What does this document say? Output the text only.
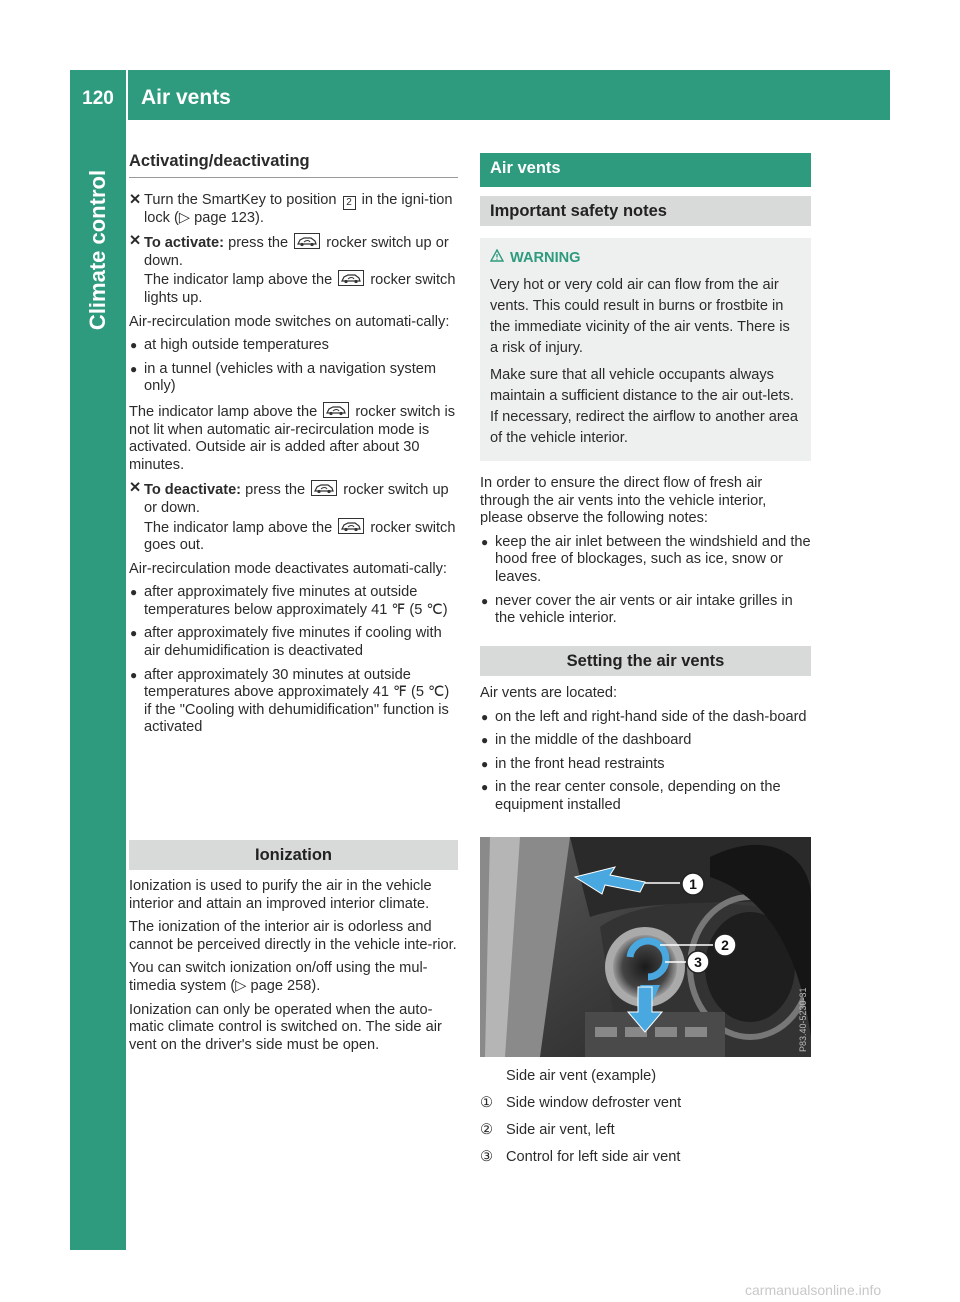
120	Air vents
Climate control
Activating/deactivating
✕ Turn the SmartKey to position 2 in the igni-tion lock (▷ page 123).
✕ To activate: press the
rocker switch up or down.
The indicator lamp above the
rocker switch lights up.

Air-recirculation mode switches on automati-cally:

● at high outside temperatures
● in a tunnel (vehicles with a navigation system only)

The indicator lamp above the
rocker switch is not lit when automatic air-recirculation mode is activated. Outside air is added after about 30 minutes.

✕ To deactivate: press the
rocker switch up or down.
The indicator lamp above the
rocker switch goes out.

Air-recirculation mode deactivates automati-cally:

● after approximately five minutes at outside temperatures below approximately 41 ℉ (5 ℃)
● after approximately five minutes if cooling with air dehumidification is deactivated
● after approximately 30 minutes at outside temperatures above approximately 41 ℉ (5 ℃) if the "Cooling with dehumidification" function is activated
Ionization

Ionization is used to purify the air in the vehicle interior and attain an improved interior climate.

The ionization of the interior air is odorless and cannot be perceived directly in the vehicle inte-rior.

You can switch ionization on/off using the mul-timedia system (▷ page 258).

Ionization can only be operated when the auto-matic climate control is switched on. The side air vent on the driver's side must be open.

Air vents
Important safety notes
WARNING

Very hot or very cold air can flow from the air vents. This could result in burns or frostbite in the immediate vicinity of the air vents. There is a risk of injury.

Make sure that all vehicle occupants always maintain a sufficient distance to the air out-lets. If necessary, redirect the airflow to another area of the vehicle interior.

In order to ensure the direct flow of fresh air through the air vents into the vehicle interior, please observe the following notes:

● keep the air inlet between the windshield and the hood free of blockages, such as ice, snow or leaves.
● never cover the air vents or air intake grilles in the vehicle interior.
Setting the air vents

Air vents are located:

● on the left and right-hand side of the dash-board
● in the middle of the dashboard
● in the front head restraints
● in the rear center console, depending on the equipment installed
1
2
3
P83.40-5230-31

Side air vent (example)

① Side window defroster vent

② Side air vent, left

③ Control for left side air vent

carmanualsonline.info
